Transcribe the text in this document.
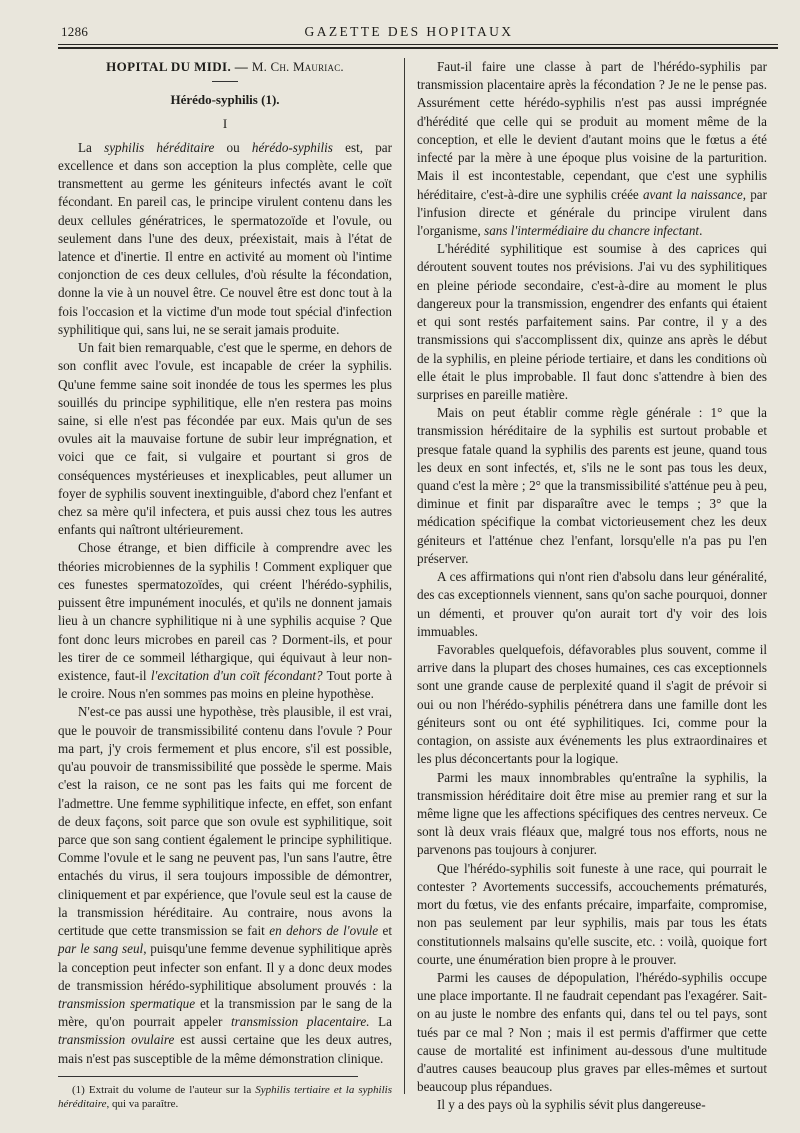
1286	GAZETTE DES HOPITAUX

HOPITAL DU MIDI. — M. Ch. Mauriac.

Hérédo-syphilis (1).

I

La syphilis héréditaire ou hérédo-syphilis est, par excellence et dans son acception la plus complète, celle que transmettent au germe les géniteurs infectés avant le coït fécondant. En pareil cas, le principe virulent contenu dans les deux cellules génératrices, le spermatozoïde et l'ovule, ou seulement dans l'une des deux, préexistait, mais à l'état de latence et d'inertie. Il entre en activité au moment où l'intime conjonction de ces deux cellules, d'où résulte la fécondation, donne la vie à un nouvel être. Ce nouvel être est donc tout à la fois l'occasion et la victime d'un mode tout spécial d'infection syphilitique qui, sans lui, ne se serait jamais produite.

Un fait bien remarquable, c'est que le sperme, en dehors de son conflit avec l'ovule, est incapable de créer la syphilis. Qu'une femme saine soit inondée de tous les spermes les plus souillés du principe syphilitique, elle n'en restera pas moins saine, si elle n'est pas fécondée par eux. Mais qu'un de ses ovules ait la mauvaise fortune de subir leur imprégnation, et voici que ce fait, si vulgaire et pourtant si gros de conséquences mystérieuses et inexplicables, peut allumer un foyer de syphilis souvent inextinguible, d'abord chez l'enfant et chez sa mère qu'il infectera, et puis aussi chez tous les autres enfants qui naîtront ultérieurement.

Chose étrange, et bien difficile à comprendre avec les théories microbiennes de la syphilis ! Comment expliquer que ces funestes spermatozoïdes, qui créent l'hérédo-syphilis, puissent être impunément inoculés, et qu'ils ne donnent jamais lieu à un chancre syphilitique ni à une syphilis acquise ? Que font donc leurs microbes en pareil cas ? Dorment-ils, et pour les tirer de ce sommeil léthargique, qui équivaut à leur non-existence, faut-il l'excitation d'un coït fécondant? Tout porte à le croire. Nous n'en sommes pas moins en pleine hypothèse.

N'est-ce pas aussi une hypothèse, très plausible, il est vrai, que le pouvoir de transmissibilité contenu dans l'ovule ? Pour ma part, j'y crois fermement et plus encore, s'il est possible, qu'au pouvoir de transmissibilité que possède le sperme. Mais c'est la raison, ce ne sont pas les faits qui me forcent de l'admettre. Une femme syphilitique infecte, en effet, son enfant de deux façons, soit parce que son ovule est syphilitique, soit parce que son sang contient également le principe syphilitique. Comme l'ovule et le sang ne peuvent pas, l'un sans l'autre, être entachés du virus, il sera toujours impossible de démontrer, cliniquement et par expérience, que l'ovule seul est la cause de la transmission héréditaire. Au contraire, nous avons la certitude que cette transmission se fait en dehors de l'ovule et par le sang seul, puisqu'une femme devenue syphilitique après la conception peut infecter son enfant. Il y a donc deux modes de transmission hérédo-syphilitique absolument prouvés : la transmission spermatique et la transmission par le sang de la mère, qu'on pourrait appeler transmission placentaire. La transmission ovulaire est aussi certaine que les deux autres, mais n'est pas susceptible de la même démonstration clinique.

(1) Extrait du volume de l'auteur sur la Syphilis tertiaire et la syphilis héréditaire, qui va paraître.

Faut-il faire une classe à part de l'hérédo-syphilis par transmission placentaire après la fécondation ? Je ne le pense pas. Assurément cette hérédo-syphilis n'est pas aussi imprégnée d'hérédité que celle qui se produit au moment même de la conception, et elle le devient d'autant moins que le fœtus a été infecté par la mère à une époque plus voisine de la parturition. Mais il est incontestable, cependant, que c'est une syphilis héréditaire, c'est-à-dire une syphilis créée avant la naissance, par l'infusion directe et générale du principe virulent dans l'organisme, sans l'intermédiaire du chancre infectant.

L'hérédité syphilitique est soumise à des caprices qui déroutent souvent toutes nos prévisions. J'ai vu des syphilitiques en pleine période secondaire, c'est-à-dire au moment le plus dangereux pour la transmission, engendrer des enfants qui étaient et qui sont restés parfaitement sains. Par contre, il y a des transmissions qui s'accomplissent dix, quinze ans après le début de la syphilis, en pleine période tertiaire, et dans les conditions où elle était le plus improbable. Il faut donc s'attendre à bien des surprises en pareille matière.

Mais on peut établir comme règle générale : 1° que la transmission héréditaire de la syphilis est surtout probable et presque fatale quand la syphilis des parents est jeune, quand tous les deux en sont infectés, et, s'ils ne le sont pas tous les deux, quand c'est la mère ; 2° que la transmissibilité s'atténue peu à peu, diminue et finit par disparaître avec le temps ; 3° que la médication spécifique la combat victorieusement chez les deux géniteurs et l'atténue chez l'enfant, lorsqu'elle n'a pas pu l'en préserver.

A ces affirmations qui n'ont rien d'absolu dans leur généralité, des cas exceptionnels viennent, sans qu'on sache pourquoi, donner un démenti, et prouver qu'on aurait tort d'y voir des lois immuables.

Favorables quelquefois, défavorables plus souvent, comme il arrive dans la plupart des choses humaines, ces cas exceptionnels sont une grande cause de perplexité quand il s'agit de prévoir si oui ou non l'hérédo-syphilis pénétrera dans une famille dont les géniteurs sont ou ont été syphilitiques. Ici, comme pour la contagion, on assiste aux événements les plus extraordinaires et les plus déconcertants pour la logique.

Parmi les maux innombrables qu'entraîne la syphilis, la transmission héréditaire doit être mise au premier rang et sur la même ligne que les affections spécifiques des centres nerveux. Ce sont là deux vrais fléaux que, malgré tous nos efforts, nous ne parvenons pas toujours à conjurer.

Que l'hérédo-syphilis soit funeste à une race, qui pourrait le contester ? Avortements successifs, accouchements prématurés, mort du fœtus, vie des enfants précaire, imparfaite, compromise, non pas seulement par leur syphilis, mais par tous les états constitutionnels malsains qu'elle suscite, etc. : voilà, quoique fort courte, une énumération bien propre à le prouver.

Parmi les causes de dépopulation, l'hérédo-syphilis occupe une place importante. Il ne faudrait cependant pas l'exagérer. Sait-on au juste le nombre des enfants qui, dans tel ou tel pays, sont tués par ce mal ? Non ; mais il est permis d'affirmer que cette cause de mortalité est infiniment au-dessous d'une multitude d'autres causes beaucoup plus graves par elles-mêmes et surtout beaucoup plus répandues.

Il y a des pays où la syphilis sévit plus dangereuse-
